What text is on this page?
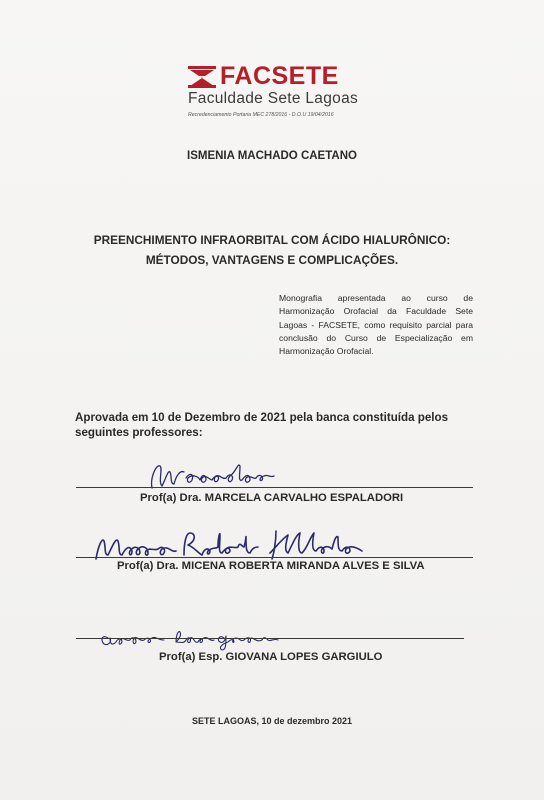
FACSETE
Faculdade Sete Lagoas
Recredenciamento Portaria MEC 278/2016 - D.O.U 19/04/2016
ISMENIA MACHADO CAETANO
PREENCHIMENTO INFRAORBITAL COM ÁCIDO HIALURÔNICO:
MÉTODOS, VANTAGENS E COMPLICAÇÕES.
Monografia apresentada ao curso de Harmonização Orofacial da Faculdade Sete Lagoas - FACSETE, como requisito parcial para conclusão do Curso de Especialização em Harmonização Orofacial.
Aprovada em 10 de Dezembro de 2021 pela banca constituída pelos seguintes professores:
Prof(a) Dra. MARCELA CARVALHO ESPALADORI
Prof(a) Dra. MICENA ROBERTA MIRANDA ALVES E SILVA
Prof(a) Esp. GIOVANA LOPES GARGIULO
SETE LAGOAS, 10 de dezembro 2021
